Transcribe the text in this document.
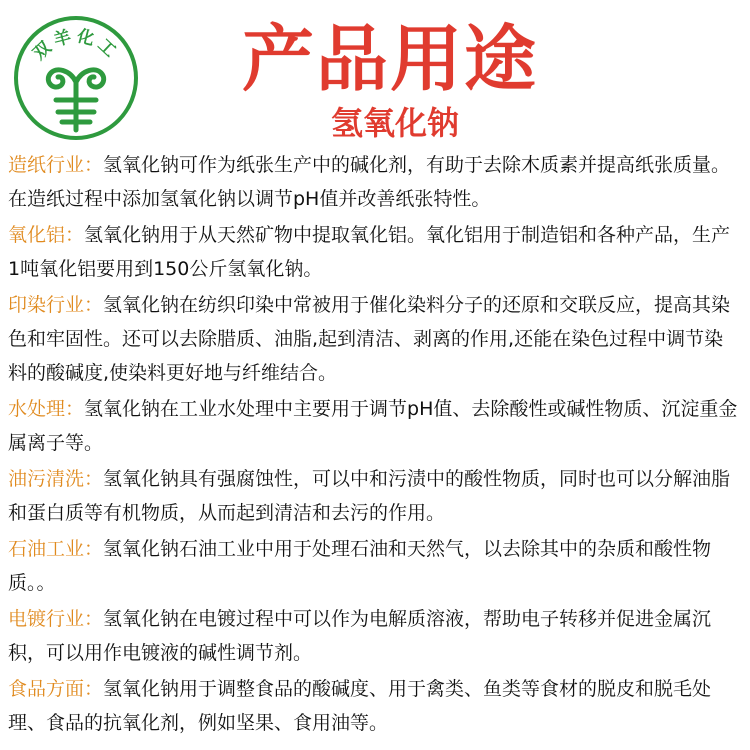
双羊化工	产品用途
氢氧化钠
造纸行业：氢氧化钠可作为纸张生产中的碱化剂，有助于去除木质素并提高纸张质量。在造纸过程中添加氢氧化钠以调节pH值并改善纸张特性。
氧化铝：氢氧化钠用于从天然矿物中提取氧化铝。氧化铝用于制造铝和各种产品，生产1吨氧化铝要用到150公斤氢氧化钠。
印染行业：氢氧化钠在纺织印染中常被用于催化染料分子的还原和交联反应，提高其染色和牢固性。还可以去除腊质、油脂,起到清洁、剥离的作用,还能在染色过程中调节染料的酸碱度,使染料更好地与纤维结合。
水处理：氢氧化钠在工业水处理中主要用于调节pH值、去除酸性或碱性物质、沉淀重金属离子等。
油污清洗：氢氧化钠具有强腐蚀性，可以中和污渍中的酸性物质，同时也可以分解油脂和蛋白质等有机物质，从而起到清洁和去污的作用。
石油工业：氢氧化钠石油工业中用于处理石油和天然气，以去除其中的杂质和酸性物质。。
电镀行业：氢氧化钠在电镀过程中可以作为电解质溶液，帮助电子转移并促进金属沉积，可以用作电镀液的碱性调节剂。
食品方面：氢氧化钠用于调整食品的酸碱度、用于禽类、鱼类等食材的脱皮和脱毛处理、食品的抗氧化剂，例如坚果、食用油等。
